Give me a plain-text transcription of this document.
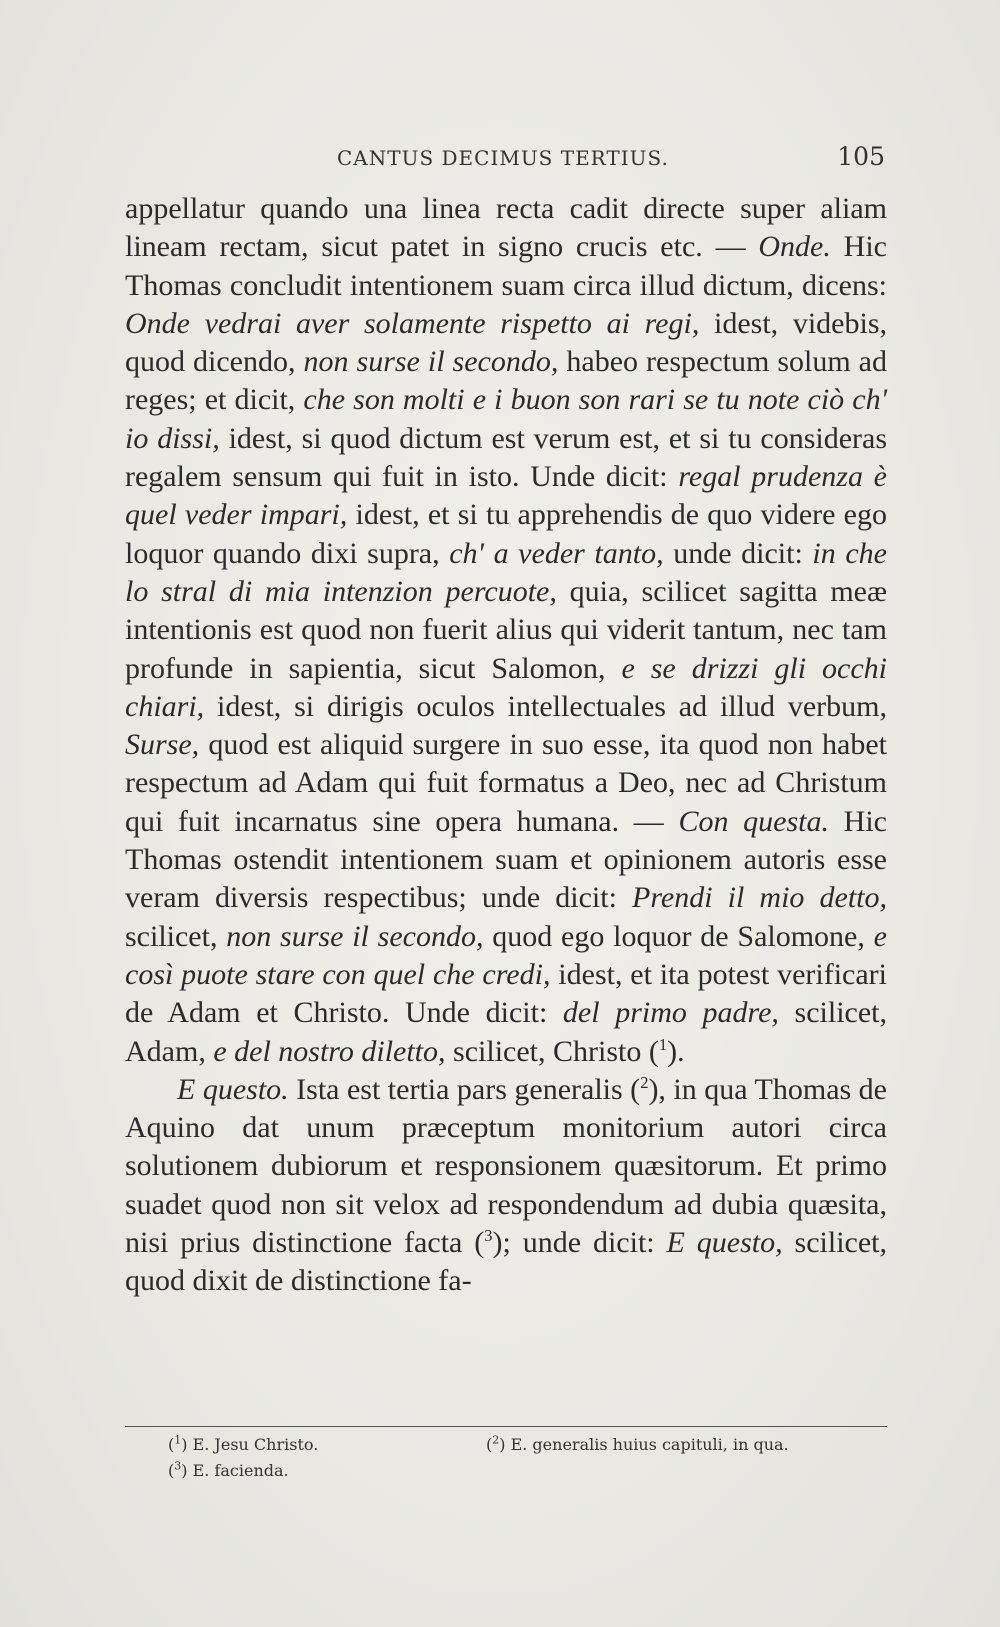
CANTUS DECIMUS TERTIUS.	105

appellatur quando una linea recta cadit directe super aliam lineam rectam, sicut patet in signo crucis etc. — Onde. Hic Thomas concludit intentionem suam circa illud dictum, dicens: Onde vedrai aver solamente rispetto ai regi, idest, videbis, quod dicendo, non surse il secondo, habeo respectum solum ad reges; et dicit, che son molti e i buon son rari se tu note ciò ch' io dissi, idest, si quod dictum est verum est, et si tu consideras regalem sensum qui fuit in isto. Unde dicit: regal prudenza è quel veder impari, idest, et si tu apprehendis de quo videre ego loquor quando dixi supra, ch' a veder tanto, unde dicit: in che lo stral di mia intenzion percuote, quia, scilicet sagitta meæ intentionis est quod non fuerit alius qui viderit tantum, nec tam profunde in sapientia, sicut Salomon, e se drizzi gli occhi chiari, idest, si dirigis oculos intellectuales ad illud verbum, Surse, quod est aliquid surgere in suo esse, ita quod non habet respectum ad Adam qui fuit formatus a Deo, nec ad Christum qui fuit incarnatus sine opera humana. — Con questa. Hic Thomas ostendit intentionem suam et opinionem autoris esse veram diversis respectibus; unde dicit: Prendi il mio detto, scilicet, non surse il secondo, quod ego loquor de Salomone, e così puote stare con quel che credi, idest, et ita potest verificari de Adam et Christo. Unde dicit: del primo padre, scilicet, Adam, e del nostro diletto, scilicet, Christo ($^1$).

E questo. Ista est tertia pars generalis ($^2$), in qua Thomas de Aquino dat unum præceptum monitorium autori circa solutionem dubiorum et responsionem quæsitorum. Et primo suadet quod non sit velox ad respondendum ad dubia quæsita, nisi prius distinctione facta ($^3$); unde dicit: E questo, scilicet, quod dixit de distinctione fa-

($^1$) E. Jesu Christo.	($^2$) E. generalis huius capituli, in qua.
($^3$) E. facienda.
